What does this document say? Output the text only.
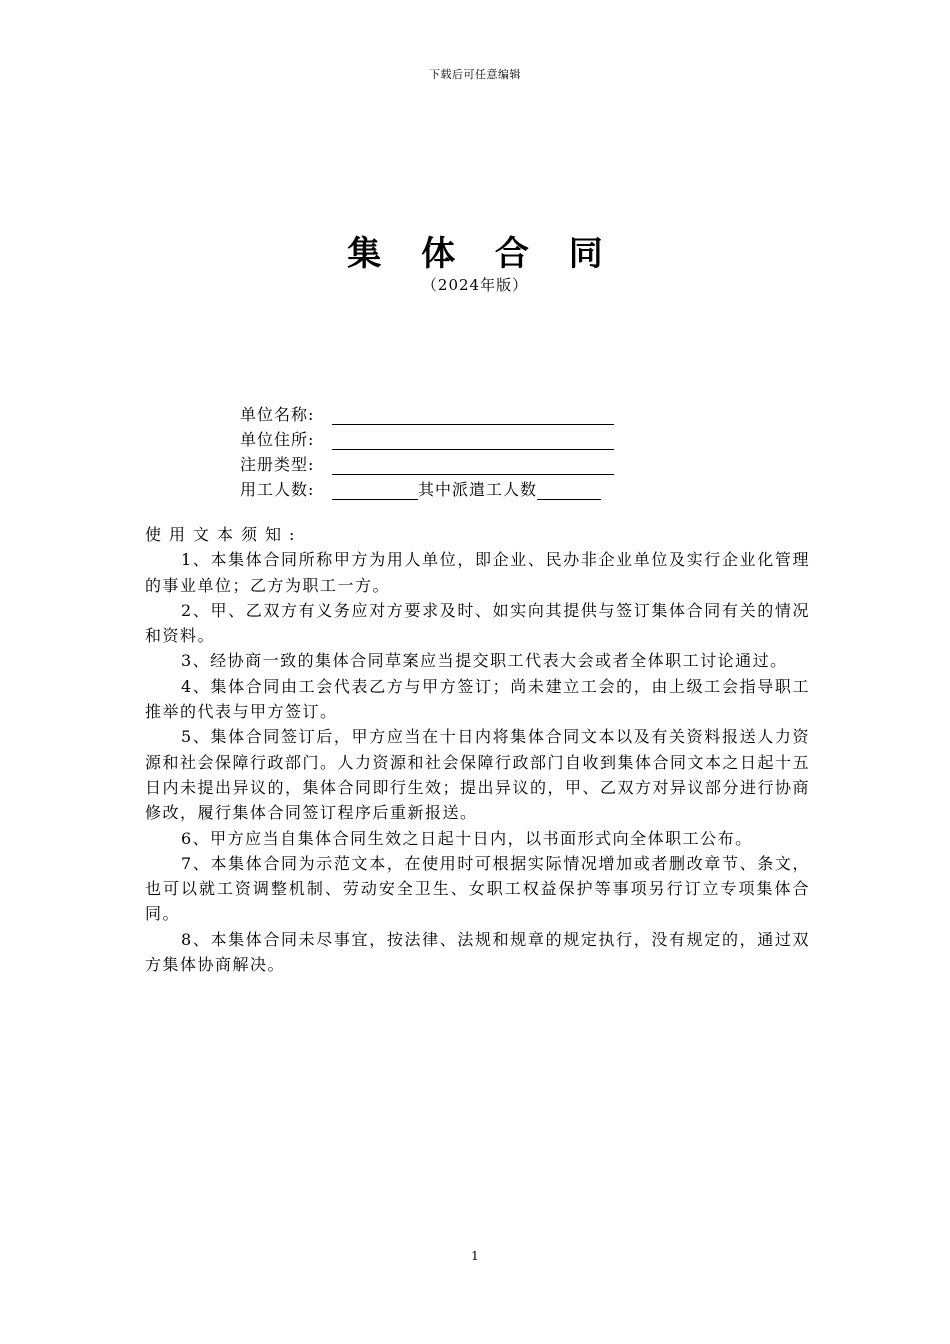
下载后可任意编辑
集 体 合 同
（2024年版）
单位名称:
单位住所:
注册类型:
用工人数:	其中派遣工人数

使用文本须知:

1、本集体合同所称甲方为用人单位，即企业、民办非企业单位及实行企业化管理的事业单位；乙方为职工一方。

2、甲、乙双方有义务应对方要求及时、如实向其提供与签订集体合同有关的情况和资料。

3、经协商一致的集体合同草案应当提交职工代表大会或者全体职工讨论通过。

4、集体合同由工会代表乙方与甲方签订；尚未建立工会的，由上级工会指导职工推举的代表与甲方签订。

5、集体合同签订后，甲方应当在十日内将集体合同文本以及有关资料报送人力资源和社会保障行政部门。人力资源和社会保障行政部门自收到集体合同文本之日起十五日内未提出异议的，集体合同即行生效；提出异议的，甲、乙双方对异议部分进行协商修改，履行集体合同签订程序后重新报送。

6、甲方应当自集体合同生效之日起十日内，以书面形式向全体职工公布。

7、本集体合同为示范文本，在使用时可根据实际情况增加或者删改章节、条文，也可以就工资调整机制、劳动安全卫生、女职工权益保护等事项另行订立专项集体合同。

8、本集体合同未尽事宜，按法律、法规和规章的规定执行，没有规定的，通过双方集体协商解决。

1
